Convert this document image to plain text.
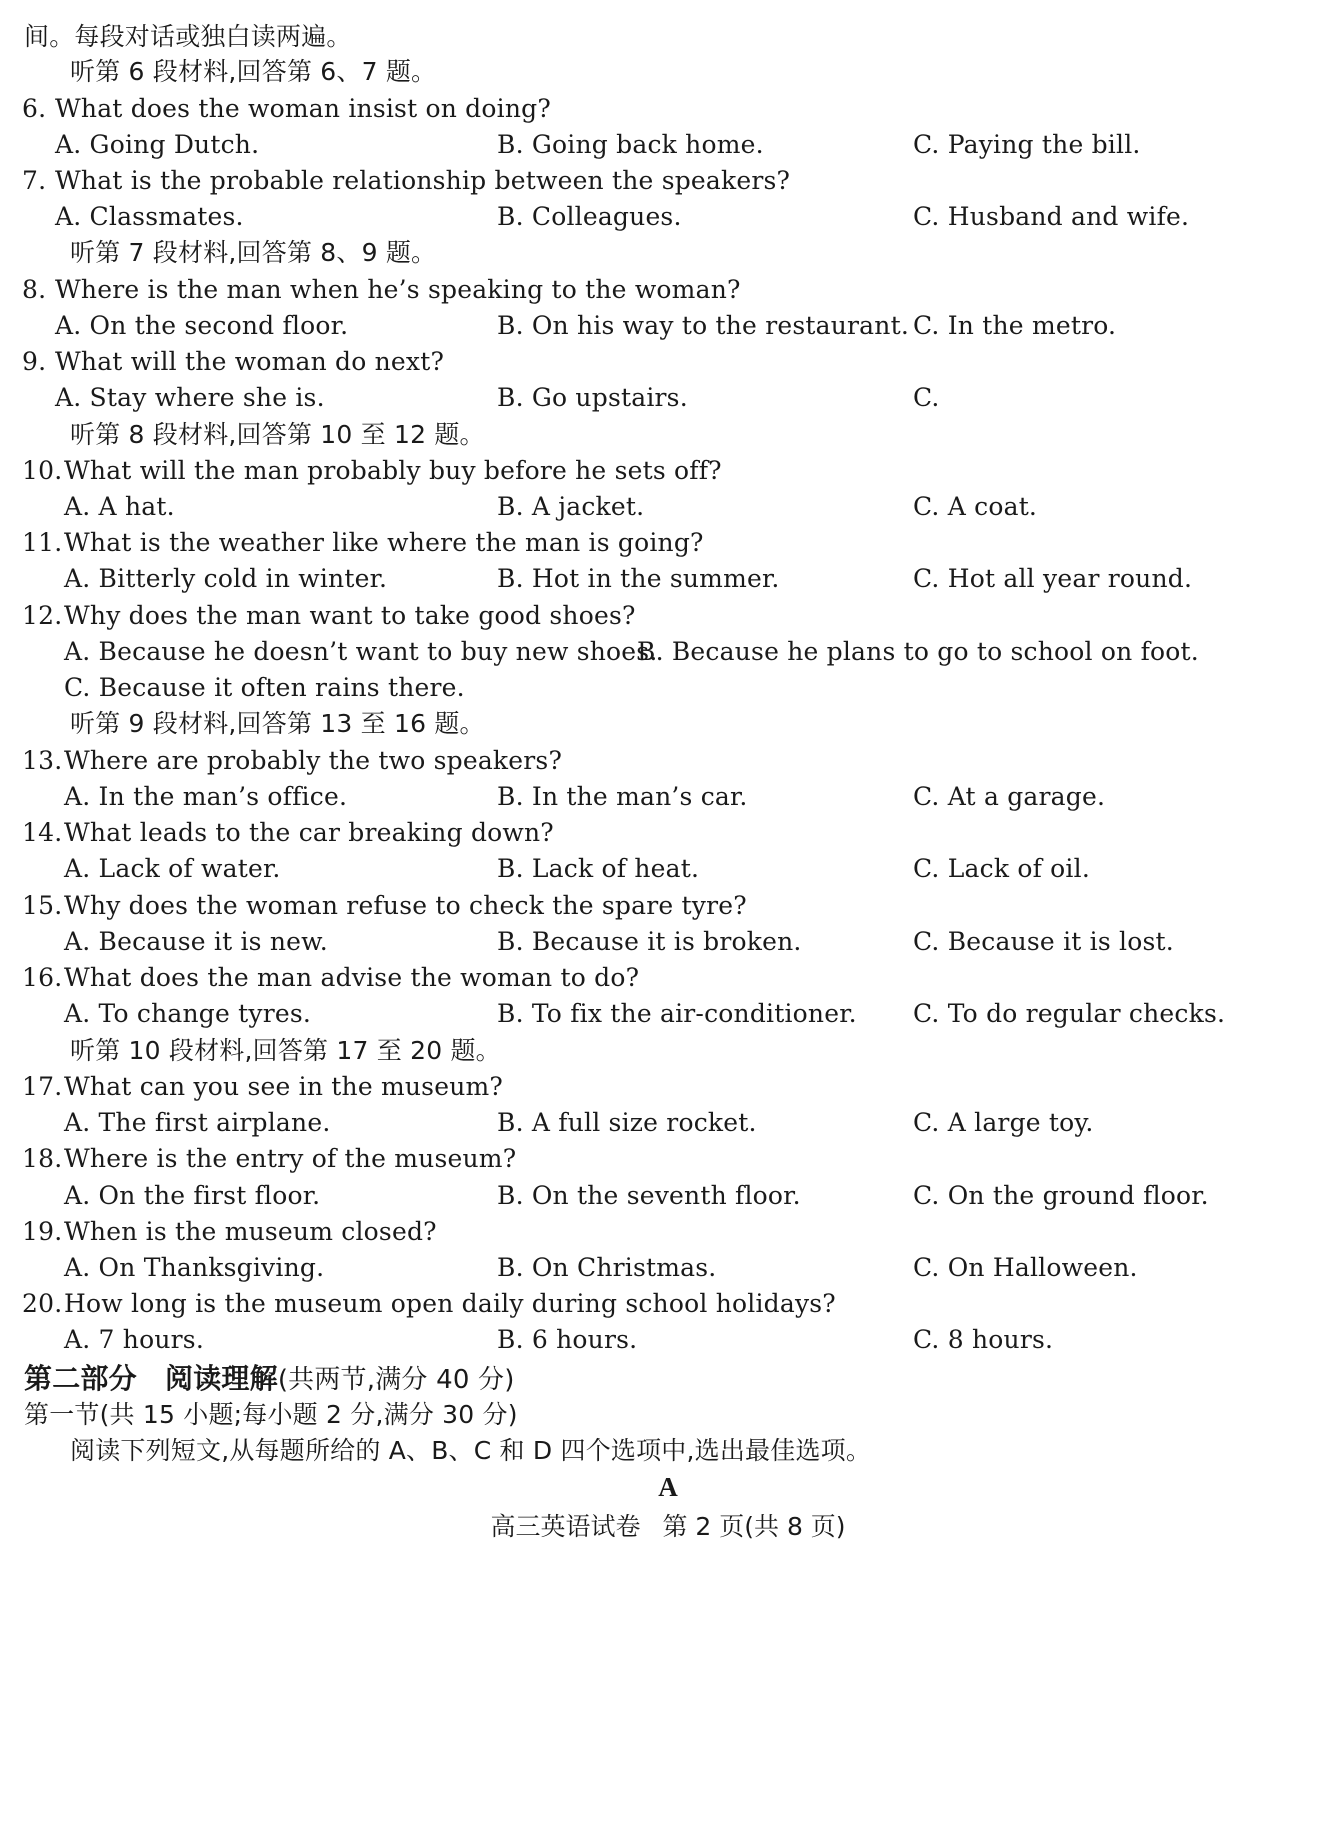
间。每段对话或独白读两遍。
听第 6 段材料,回答第 6、7 题。
6. What does the woman insist on doing?
A. Going Dutch.	B. Going back home.	C. Paying the bill.
7. What is the probable relationship between the speakers?
A. Classmates.	B. Colleagues.	C. Husband and wife.
听第 7 段材料,回答第 8、9 题。
8. Where is the man when he’s speaking to the woman?
A. On the second floor.	B. On his way to the restaurant. C. In the metro.
9. What will the woman do next?
A. Stay where she is.	B. Go upstairs.	C.
听第 8 段材料,回答第 10 至 12 题。
10. What will the man probably buy before he sets off?
A. A hat.	B. A jacket.	C. A coat.
11. What is the weather like where the man is going?
A. Bitterly cold in winter.	B. Hot in the summer.	C. Hot all year round.
12. Why does the man want to take good shoes?
A. Because he doesn’t want to buy new shoes.
B. Because he plans to go to school on foot.
C. Because it often rains there.
听第 9 段材料,回答第 13 至 16 题。
13. Where are probably the two speakers?
A. In the man’s office.	B. In the man’s car.	C. At a garage.
14. What leads to the car breaking down?
A. Lack of water.	B. Lack of heat.	C. Lack of oil.
15. Why does the woman refuse to check the spare tyre?
A. Because it is new.	B. Because it is broken.	C. Because it is lost.
16. What does the man advise the woman to do?
A. To change tyres.	B. To fix the air-conditioner. C. To do regular checks.
听第 10 段材料,回答第 17 至 20 题。
17. What can you see in the museum?
A. The first airplane.	B. A full size rocket.	C. A large toy.
18. Where is the entry of the museum?
A. On the first floor.	B. On the seventh floor.	C. On the ground floor.
19. When is the museum closed?
A. On Thanksgiving.	B. On Christmas.	C. On Halloween.
20. How long is the museum open daily during school holidays?
A. 7 hours.	B. 6 hours.	C. 8 hours.
第二部分　阅读理解(共两节,满分 40 分)
第一节(共 15 小题;每小题 2 分,满分 30 分)
阅读下列短文,从每题所给的 A、B、C 和 D 四个选项中,选出最佳选项。
A
高三英语试卷 第 2 页(共 8 页)
